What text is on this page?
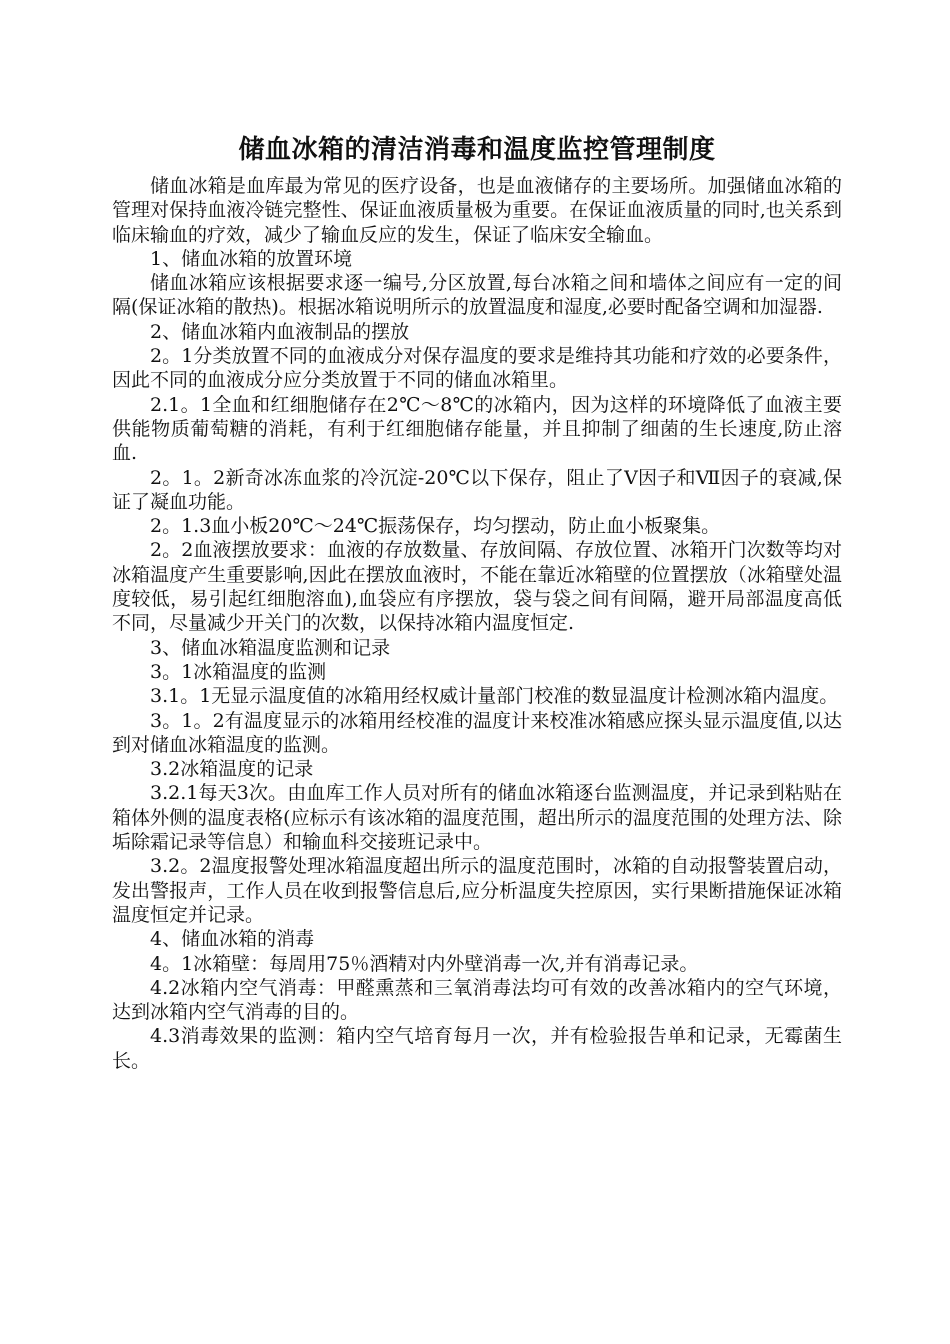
储血冰箱的清洁消毒和温度监控管理制度

储血冰箱是血库最为常见的医疗设备，也是血液储存的主要场所。加强储血冰箱的管理对保持血液冷链完整性、保证血液质量极为重要。在保证血液质量的同时,也关系到临床输血的疗效，减少了输血反应的发生，保证了临床安全输血。

1、储血冰箱的放置环境

储血冰箱应该根据要求逐一编号,分区放置,每台冰箱之间和墙体之间应有一定的间隔(保证冰箱的散热)。根据冰箱说明所示的放置温度和湿度,必要时配备空调和加湿器.

2、储血冰箱内血液制品的摆放

2。1分类放置不同的血液成分对保存温度的要求是维持其功能和疗效的必要条件，因此不同的血液成分应分类放置于不同的储血冰箱里。

2.1。1全血和红细胞储存在2℃～8℃的冰箱内，因为这样的环境降低了血液主要供能物质葡萄糖的消耗，有利于红细胞储存能量，并且抑制了细菌的生长速度,防止溶血.

2。1。2新奇冰冻血浆的冷沉淀-20℃以下保存，阻止了Ⅴ因子和Ⅶ因子的衰减,保证了凝血功能。

2。1.3血小板20℃～24℃振荡保存，均匀摆动，防止血小板聚集。

2。2血液摆放要求：血液的存放数量、存放间隔、存放位置、冰箱开门次数等均对冰箱温度产生重要影响,因此在摆放血液时，不能在靠近冰箱壁的位置摆放（冰箱壁处温度较低，易引起红细胞溶血),血袋应有序摆放，袋与袋之间有间隔，避开局部温度高低不同，尽量减少开关门的次数，以保持冰箱内温度恒定.

3、储血冰箱温度监测和记录

3。1冰箱温度的监测

3.1。1无显示温度值的冰箱用经权威计量部门校准的数显温度计检测冰箱内温度。

3。1。2有温度显示的冰箱用经校准的温度计来校准冰箱感应探头显示温度值,以达到对储血冰箱温度的监测。

3.2冰箱温度的记录

3.2.1每天3次。由血库工作人员对所有的储血冰箱逐台监测温度，并记录到粘贴在箱体外侧的温度表格(应标示有该冰箱的温度范围，超出所示的温度范围的处理方法、除垢除霜记录等信息）和输血科交接班记录中。

3.2。2温度报警处理冰箱温度超出所示的温度范围时，冰箱的自动报警装置启动，发出警报声，工作人员在收到报警信息后,应分析温度失控原因，实行果断措施保证冰箱温度恒定并记录。

4、储血冰箱的消毒

4。1冰箱壁：每周用75％酒精对内外壁消毒一次,并有消毒记录。

4.2冰箱内空气消毒：甲醛熏蒸和三氧消毒法均可有效的改善冰箱内的空气环境，达到冰箱内空气消毒的目的。

4.3消毒效果的监测：箱内空气培育每月一次，并有检验报告单和记录，无霉菌生长。
